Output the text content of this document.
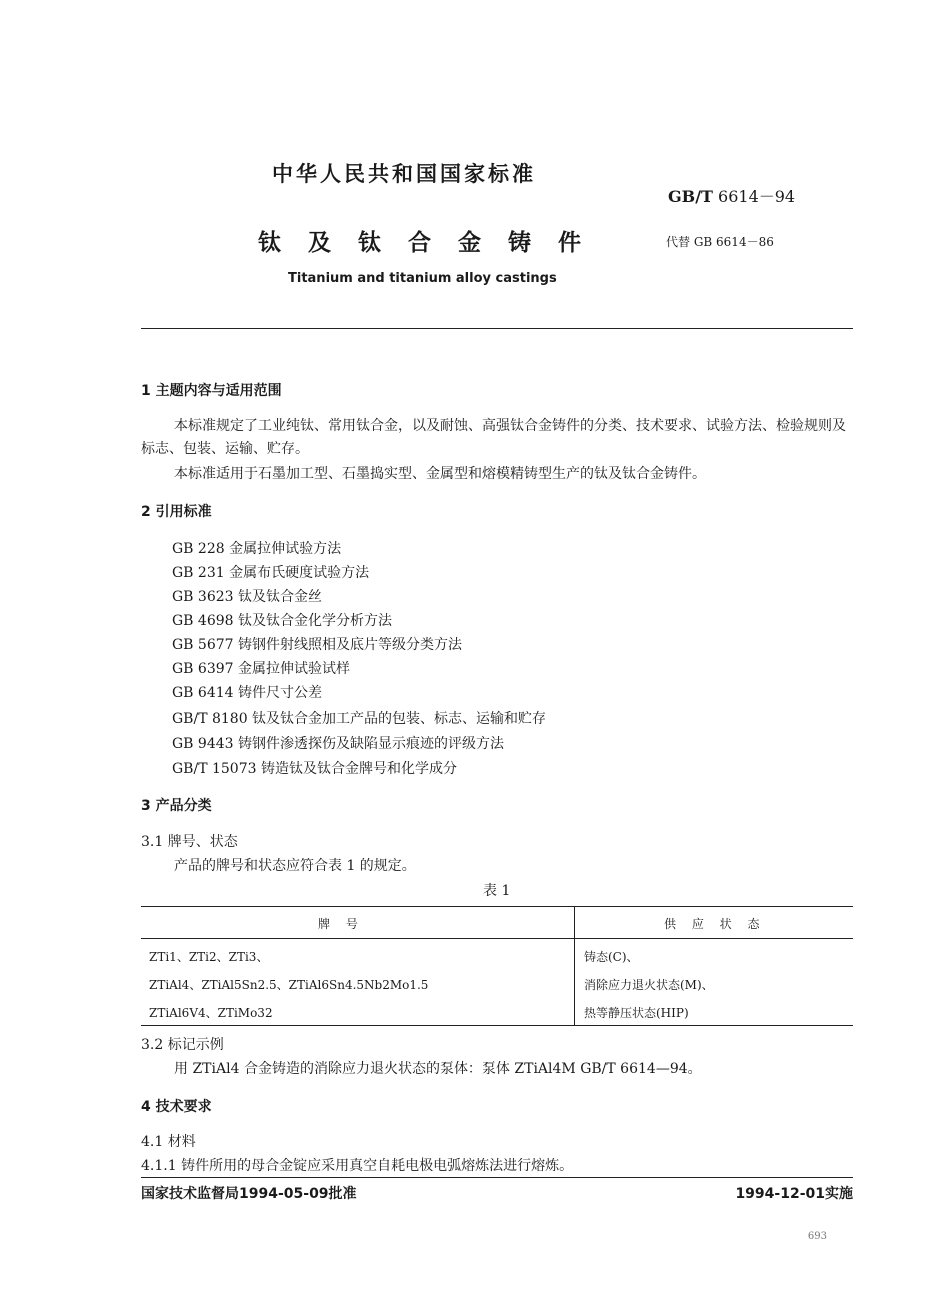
中华人民共和国国家标准
GB/T 6614－94
钛及钛合金铸件	代替 GB 6614－86
Titanium and titanium alloy castings
1 主题内容与适用范围
本标准规定了工业纯钛、常用钛合金，以及耐蚀、高强钛合金铸件的分类、技术要求、试验方法、检验规则及标志、包装、运输、贮存。
本标准适用于石墨加工型、石墨捣实型、金属型和熔模精铸型生产的钛及钛合金铸件。
2 引用标准
GB 228 金属拉伸试验方法
GB 231 金属布氏硬度试验方法
GB 3623 钛及钛合金丝
GB 4698 钛及钛合金化学分析方法
GB 5677 铸钢件射线照相及底片等级分类方法
GB 6397 金属拉伸试验试样
GB 6414 铸件尺寸公差
GB/T 8180 钛及钛合金加工产品的包装、标志、运输和贮存
GB 9443 铸钢件渗透探伤及缺陷显示痕迹的评级方法
GB/T 15073 铸造钛及钛合金牌号和化学成分
3 产品分类
3.1 牌号、状态
产品的牌号和状态应符合表 1 的规定。
表 1
牌 号	供 应 状 态
ZTi1、ZTi2、ZTi3、	铸态(C)、
ZTiAl4、ZTiAl5Sn2.5、ZTiAl6Sn4.5Nb2Mo1.5	消除应力退火状态(M)、
ZTiAl6V4、ZTiMo32	热等静压状态(HIP)
3.2 标记示例
用 ZTiAl4 合金铸造的消除应力退火状态的泵体：泵体 ZTiAl4M GB/T 6614—94。
4 技术要求
4.1 材料
4.1.1 铸件所用的母合金锭应采用真空自耗电极电弧熔炼法进行熔炼。
国家技术监督局1994-05-09批准	1994-12-01实施
693
